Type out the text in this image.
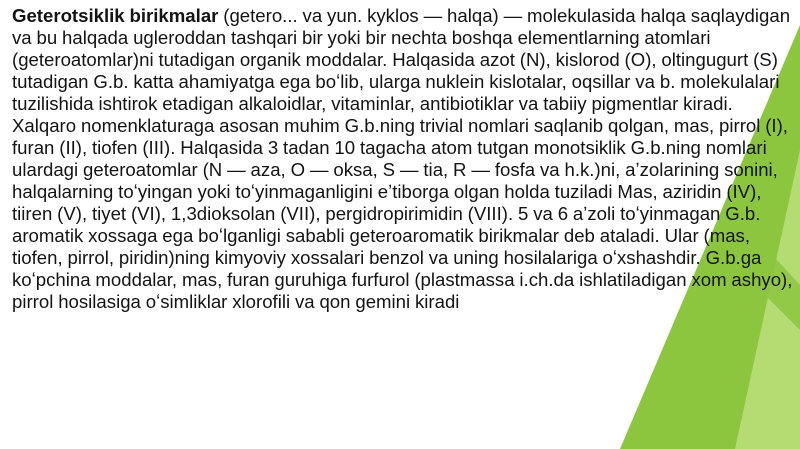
Geterotsiklik birikmalar (getero... va yun. kyklos — halqa) — molekulasida halqa saqlaydigan va bu halqada ugleroddan tashqari bir yoki bir nechta boshqa elementlarning atomlari (geteroatomlar)ni tutadigan organik moddalar. Halqasida azot (N), kislorod (O), oltingugurt (S) tutadigan G.b. katta ahamiyatga ega boʻlib, ularga nuklein kislotalar, oqsillar va b. molekulalari tuzilishida ishtirok etadigan alkaloidlar, vitaminlar, antibiotiklar va tabiiy pigmentlar kiradi. Xalqaro nomenklaturaga asosan muhim G.b.ning trivial nomlari saqlanib qolgan, mas, pirrol (I), furan (II), tiofen (III). Halqasida 3 tadan 10 tagacha atom tutgan monotsiklik G.b.ning nomlari ulardagi geteroatomlar (N — aza, O — oksa, S — tia, R — fosfa va h.k.)ni, aʼzolarining sonini, halqalarning toʻyingan yoki toʻyinmaganligini eʼtiborga olgan holda tuziladi Mas, aziridin (IV), tiiren (V), tiyet (VI), 1,3dioksolan (VII), pergidropirimidin (VIII). 5 va 6 aʼzoli toʻyinmagan G.b. aromatik xossaga ega boʻlganligi sababli geteroaromatik birikmalar deb ataladi. Ular (mas, tiofen, pirrol, piridin)ning kimyoviy xossalari benzol va uning hosilalariga oʻxshashdir. G.b.ga koʻpchina moddalar, mas, furan guruhiga furfurol (plastmassa i.ch.da ishlatiladigan xom ashyo), pirrol hosilasiga oʻsimliklar xlorofili va qon gemini kiradi
